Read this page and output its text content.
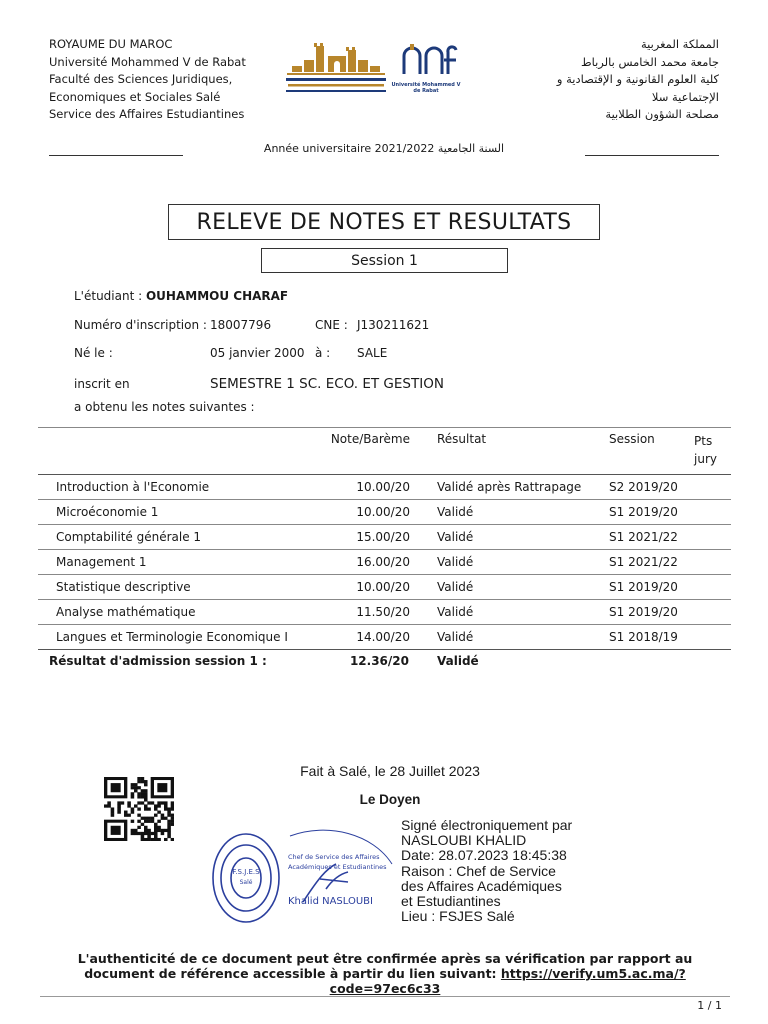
ROYAUME DU MAROC
Université Mohammed V de Rabat
Faculté des Sciences Juridiques,
Economiques et Sociales Salé
Service des Affaires Estudiantines
Université Mohammed V de Rabat
المملكة المغربية
جامعة محمد الخامس بالرباط
كلية العلوم القانونية و الإقتصادية و
الإجتماعية سلا
مصلحة الشؤون الطلابية
Année universitaire 2021/2022 السنة الجامعية
RELEVE DE NOTES ET RESULTATS
Session 1
L'étudiant : OUHAMMOU CHARAF
Numéro d'inscription : 18007796	CNE : J130211621
Né le :	05 janvier 2000 à : SALE
inscrit en	SEMESTRE 1 SC. ECO. ET GESTION
a obtenu les notes suivantes :
	Note/Barème		Résultat	Session	Pts
jury

Introduction à l'Economie	10.00/20		Validé après Rattrapage	S2 2019/20	
Microéconomie 1	10.00/20		Validé	S1 2019/20	
Comptabilité générale 1	15.00/20		Validé	S1 2021/22	
Management 1	16.00/20		Validé	S1 2021/22	
Statistique descriptive	10.00/20		Validé	S1 2019/20	
Analyse mathématique	11.50/20		Validé	S1 2019/20	
Langues et Terminologie Economique I	14.00/20		Validé	S1 2018/19	
Résultat d'admission session 1 :	12.36/20 Validé
Fait à Salé, le 28 Juillet 2023
Le Doyen
F.S.J.E.S
Salé
Chef de Service des Affaires
Académiques et Estudiantines
Khalid NASLOUBI
Signé électroniquement par
NASLOUBI KHALID
Date: 28.07.2023 18:45:38
Raison : Chef de Service
des Affaires Académiques
et Estudiantines
Lieu : FSJES Salé
L'authenticité de ce document peut être confirmée après sa vérification par rapport au document de référence accessible à partir du lien suivant: https://verify.um5.ac.ma/?code=97ec6c33
1 / 1
